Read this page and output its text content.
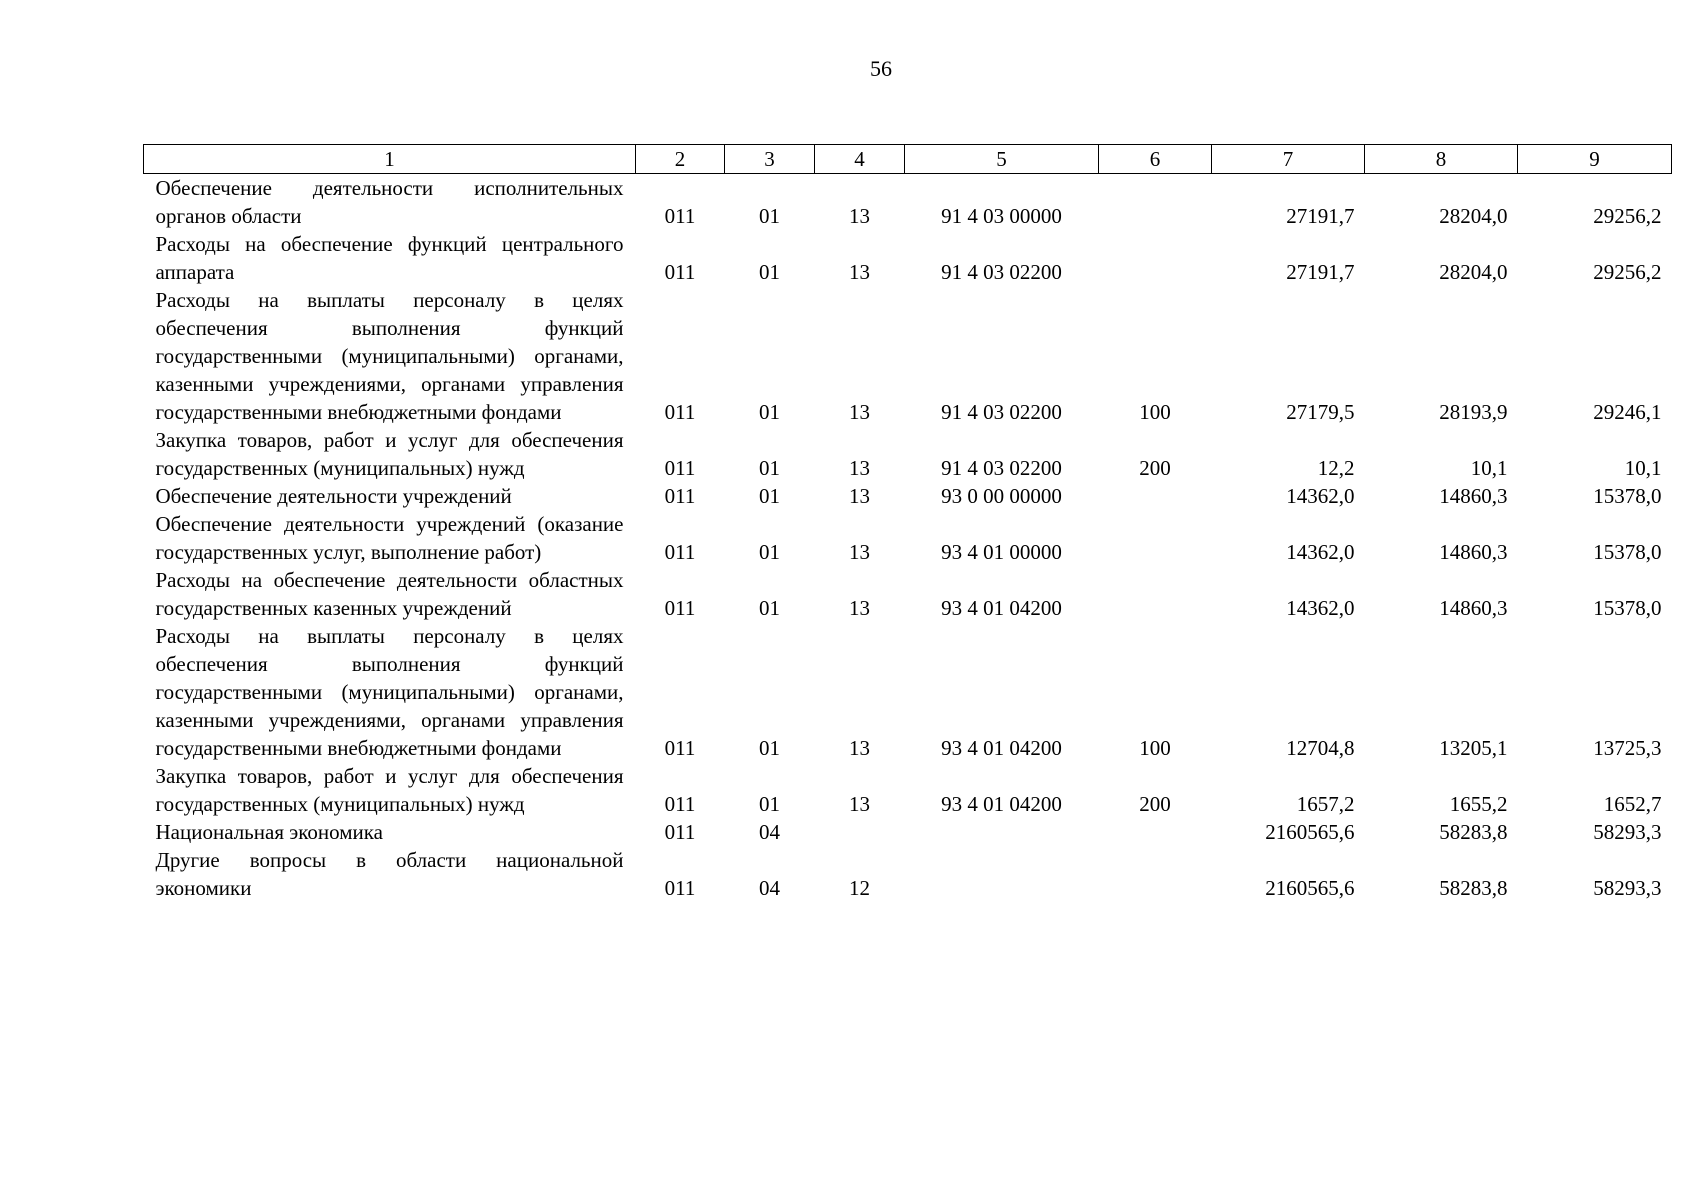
56
1	2	3	4	5	6	7	8	9
Обеспечение деятельности исполнительных органов области	011	01	13	91 4 03 00000		27191,7	28204,0	29256,2
Расходы на обеспечение функций центрального аппарата	011	01	13	91 4 03 02200		27191,7	28204,0	29256,2
Расходы на выплаты персоналу в целях обеспечения выполнения функций государственными (муниципальными) органами, казенными учреждениями, органами управления государственными внебюджетными фондами	011	01	13	91 4 03 02200	100	27179,5	28193,9	29246,1
Закупка товаров, работ и услуг для обеспечения государственных (муниципальных) нужд	011	01	13	91 4 03 02200	200	12,2	10,1	10,1
Обеспечение деятельности учреждений	011	01	13	93 0 00 00000		14362,0	14860,3	15378,0
Обеспечение деятельности учреждений (оказание государственных услуг, выполнение работ)	011	01	13	93 4 01 00000		14362,0	14860,3	15378,0
Расходы на обеспечение деятельности областных государственных казенных учреждений	011	01	13	93 4 01 04200		14362,0	14860,3	15378,0
Расходы на выплаты персоналу в целях обеспечения выполнения функций государственными (муниципальными) органами, казенными учреждениями, органами управления государственными внебюджетными фондами	011	01	13	93 4 01 04200	100	12704,8	13205,1	13725,3
Закупка товаров, работ и услуг для обеспечения государственных (муниципальных) нужд	011	01	13	93 4 01 04200	200	1657,2	1655,2	1652,7
Национальная экономика	011	04				2160565,6	58283,8	58293,3
Другие вопросы в области национальной экономики	011	04	12			2160565,6	58283,8	58293,3
